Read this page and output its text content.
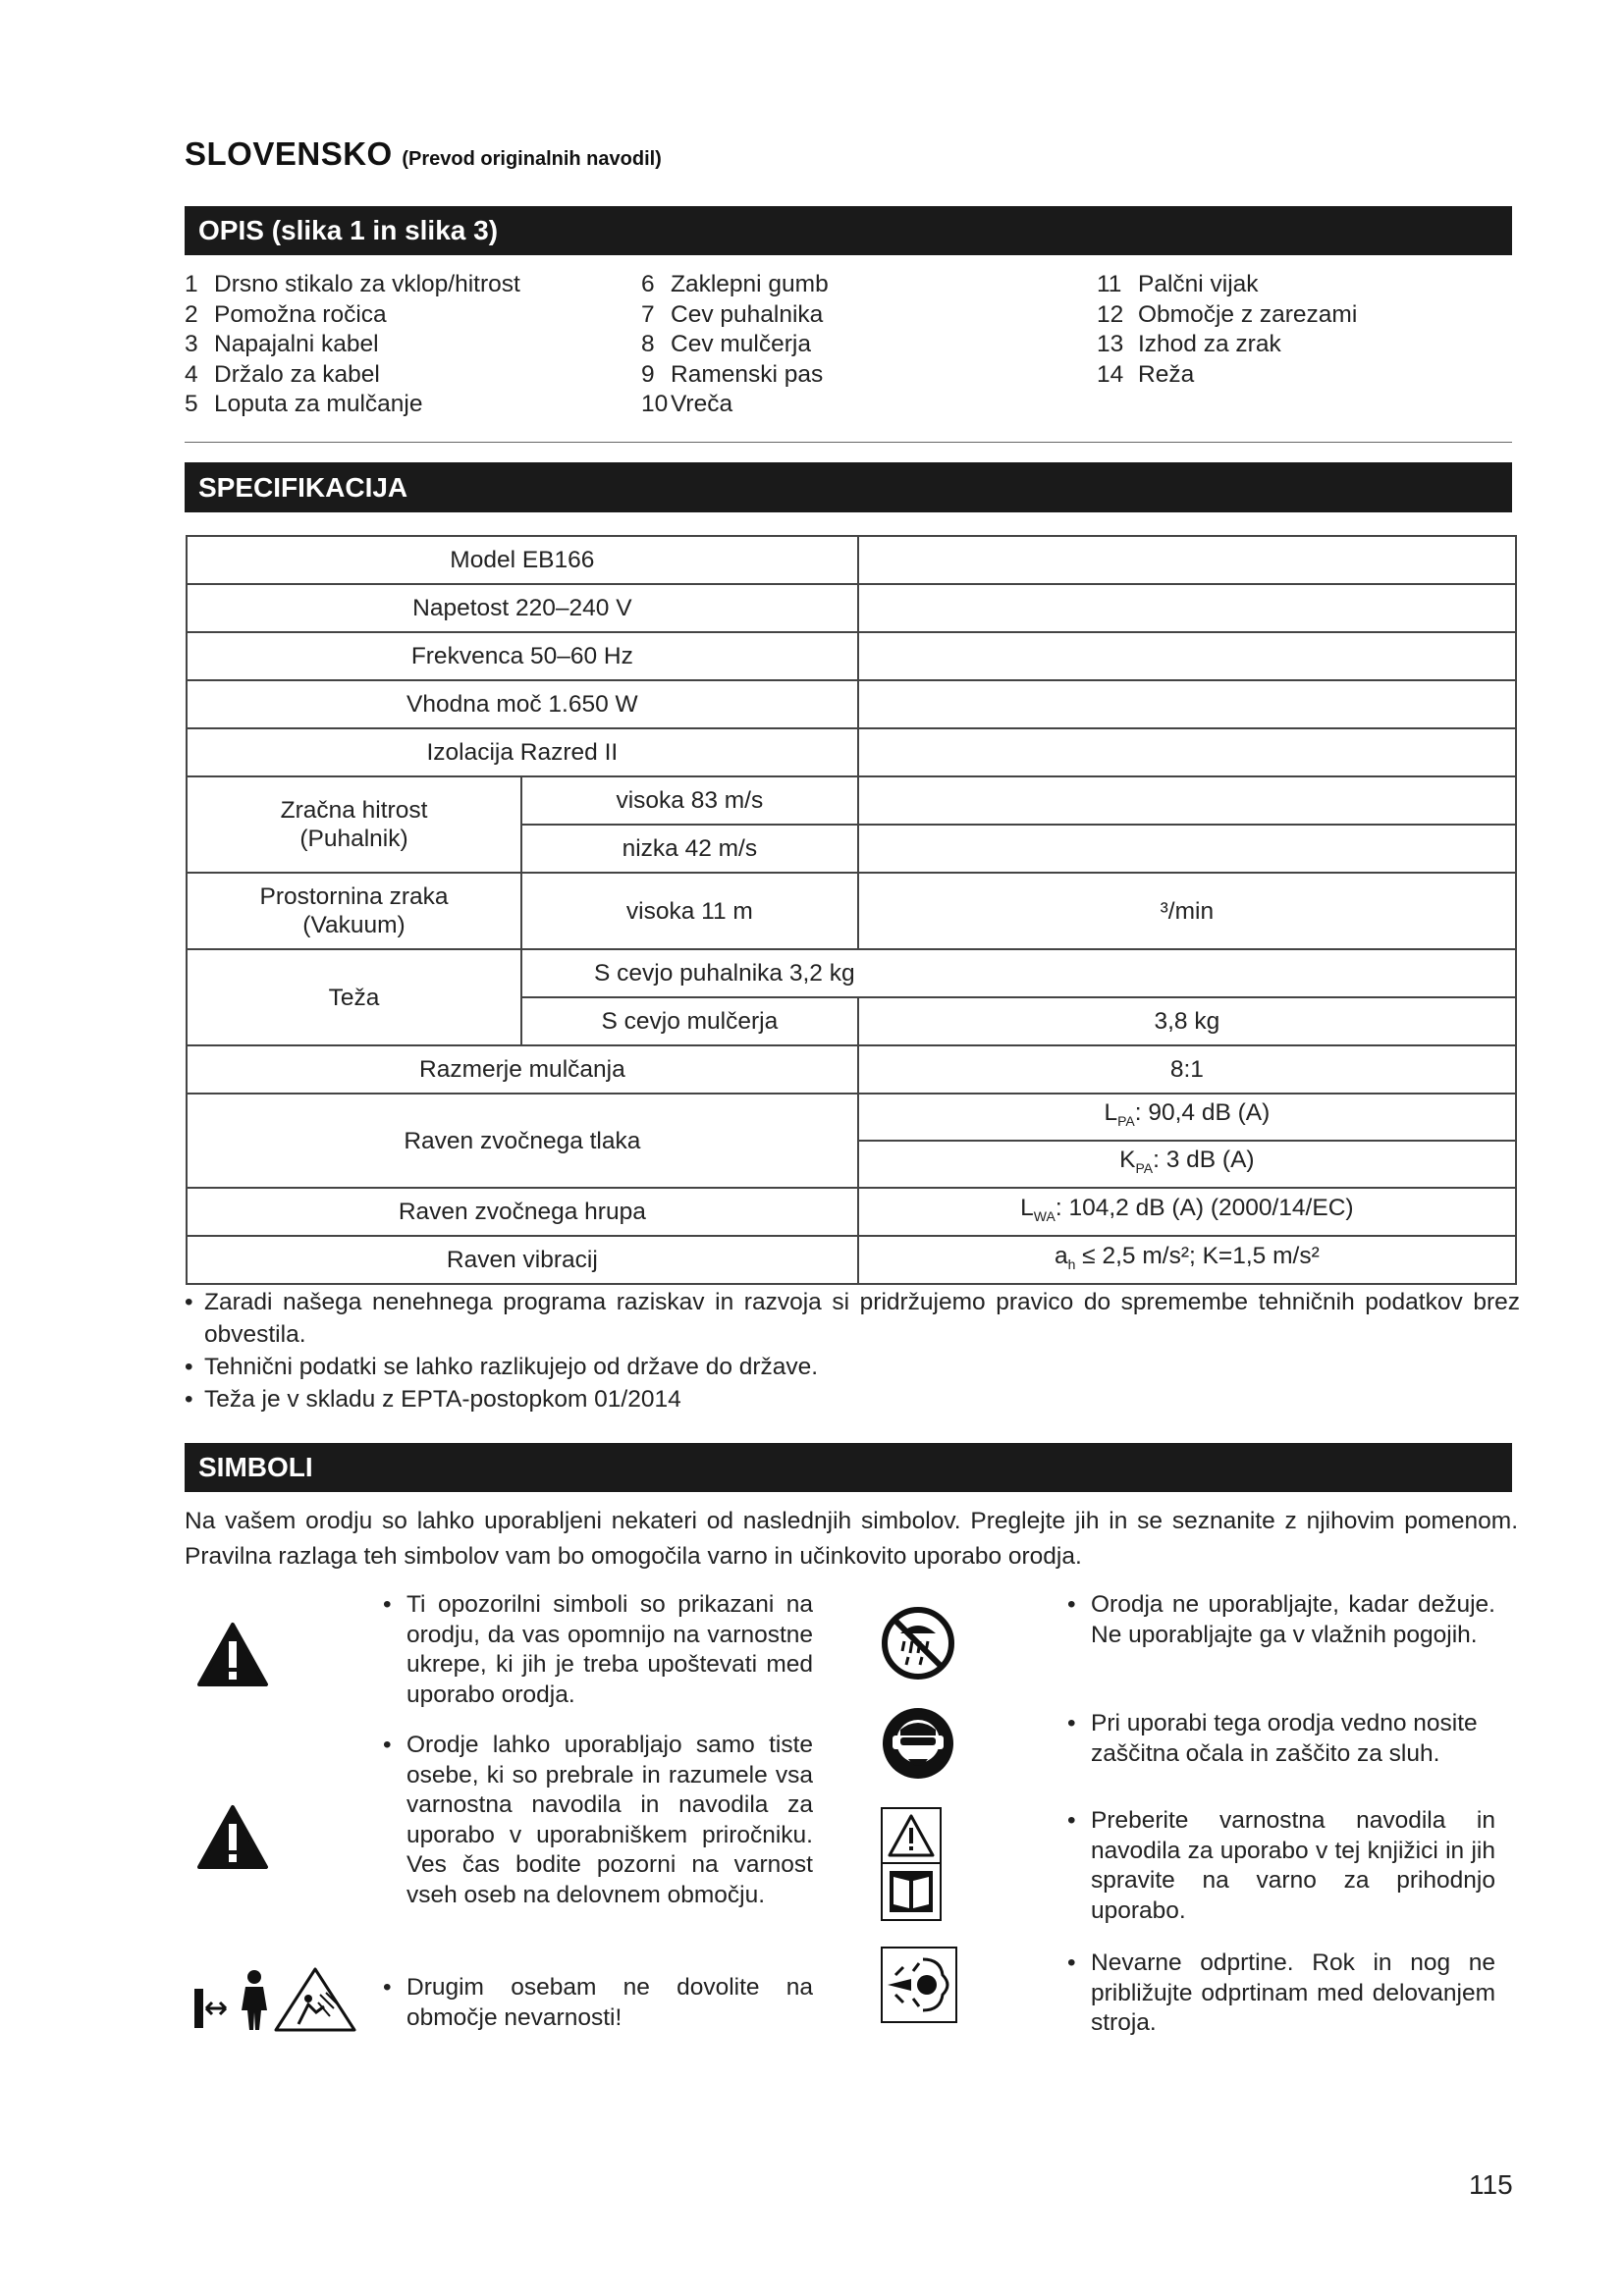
SLOVENSKO (Prevod originalnih navodil)
OPIS (slika 1 in slika 3)
1 Drsno stikalo za vklop/hitrost
2 Pomožna ročica
3 Napajalni kabel
4 Držalo za kabel
5 Loputa za mulčanje
6 Zaklepni gumb
7 Cev puhalnika
8 Cev mulčerja
9 Ramenski pas
10 Vreča
11 Palčni vijak
12 Območje z zarezami
13 Izhod za zrak
14 Reža
SPECIFIKACIJA
Model EB166		
Napetost 220–240 V		
Frekvenca 50–60 Hz		
Vhodna moč 1.650 W		
Izolacija Razred II		

Zračna hitrost (Puhalnik)	visoka 83 m/s	
	nizka 42 m/s	

Prostornina zraka (Vakuum)	visoka 11 m	³/min
Teža	S cevjo puhalnika 3,2 kg	
	S cevjo mulčerja	3,8 kg
Razmerje mulčanja		8:1
Raven zvočnega tlaka		$L_{PA}$: 90,4 dB (A)
		$K_{PA}$: 3 dB (A)
Raven zvočnega hrupa		$L_{WA}$: 104,2 dB (A) (2000/14/EC)
Raven vibracij		$a_h \le 2,5$ m/s²; K=1,5 m/s²
• Zaradi našega nenehnega programa raziskav in razvoja si pridržujemo pravico do spremembe tehničnih podatkov brez obvestila.
• Tehnični podatki se lahko razlikujejo od države do države.
• Teža je v skladu z EPTA-postopkom 01/2014
SIMBOLI
Na vašem orodju so lahko uporabljeni nekateri od naslednjih simbolov. Preglejte jih in se seznanite z njihovim pomenom. Pravilna razlaga teh simbolov vam bo omogočila varno in učinkovito uporabo orodja.
• Ti opozorilni simboli so prikazani na orodju, da vas opomnijo na varnostne ukrepe, ki jih je treba upoštevati med uporabo orodja.
• Orodje lahko uporabljajo samo tiste osebe, ki so prebrale in razumele vsa varnostna navodila in navodila za uporabo v uporabniškem priročniku. Ves čas bodite pozorni na varnost vseh oseb na delovnem območju.
• Drugim osebam ne dovolite na območje nevarnosti!
• Orodja ne uporabljajte, kadar dežuje. Ne uporabljajte ga v vlažnih pogojih.
• Pri uporabi tega orodja vedno nosite zaščitna očala in zaščito za sluh.
• Preberite varnostna navodila in navodila za uporabo v tej knjižici in jih spravite na varno za prihodnjo uporabo.
• Nevarne odprtine. Rok in nog ne približujte odprtinam med delovanjem stroja.
115
